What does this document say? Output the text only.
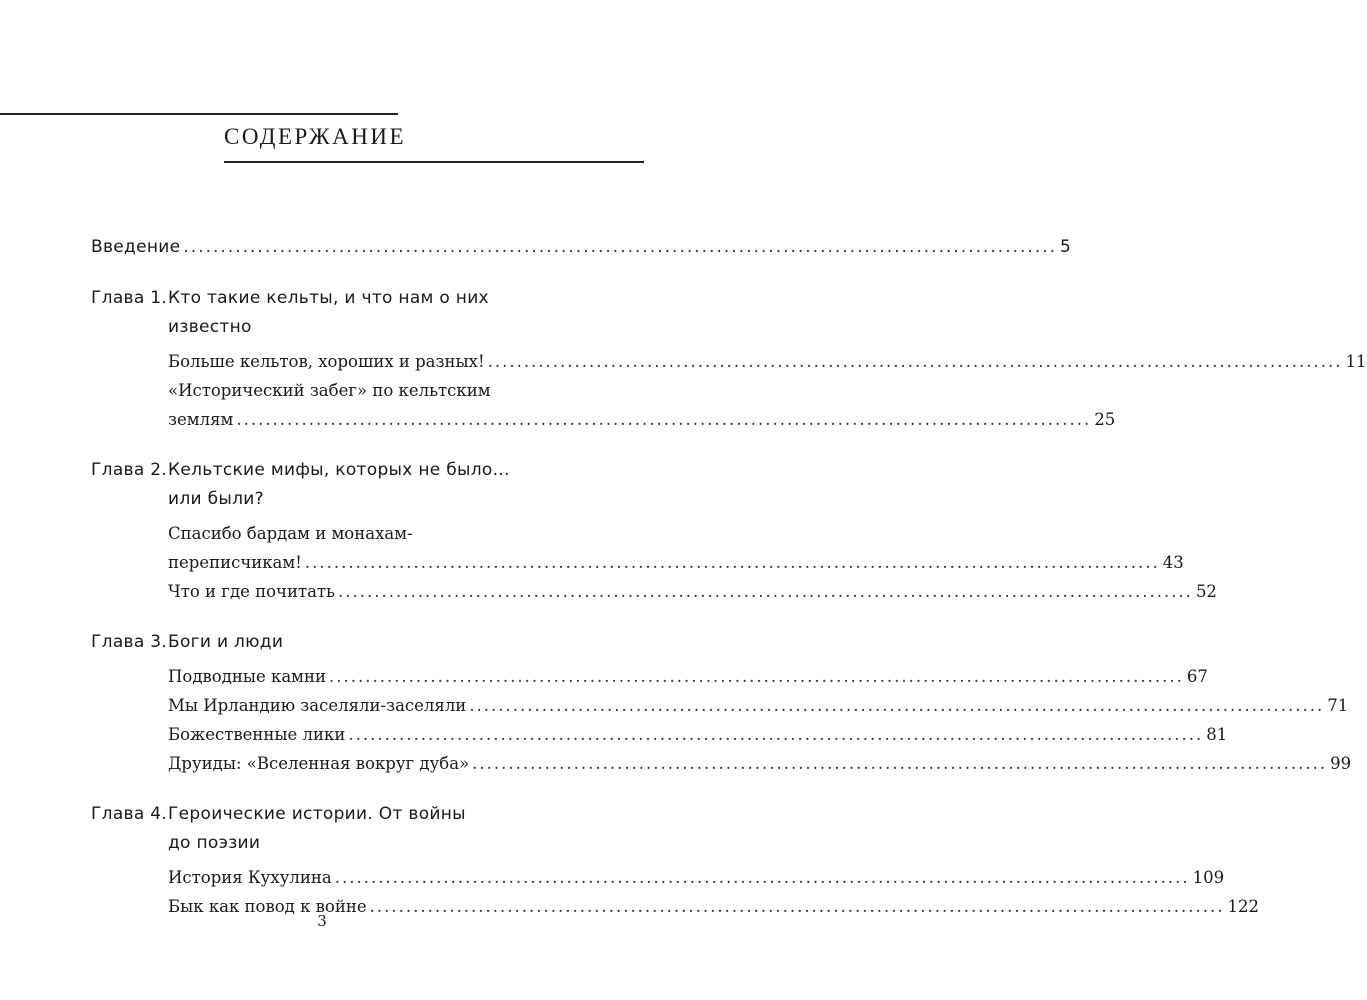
СОДЕРЖАНИЕ
Введение ...................................................................................................................... 5
Глава 1. Кто такие кельты, и что нам о них
известно
Больше кельтов, хороших и разных! ...................................................................................................................... 11
«Исторический забег» по кельтским
землям ...................................................................................................................... 25
Глава 2. Кельтские мифы, которых не было...
или были?
Спасибо бардам и монахам-
переписчикам! ...................................................................................................................... 43
Что и где почитать ...................................................................................................................... 52
Глава 3. Боги и люди
Подводные камни ...................................................................................................................... 67
Мы Ирландию заселяли-заселяли ...................................................................................................................... 71
Божественные лики ...................................................................................................................... 81
Друиды: «Вселенная вокруг дуба» ...................................................................................................................... 99
Глава 4. Героические истории. От войны
до поэзии
История Кухулина ...................................................................................................................... 109
Бык как повод к войне ...................................................................................................................... 122
3
